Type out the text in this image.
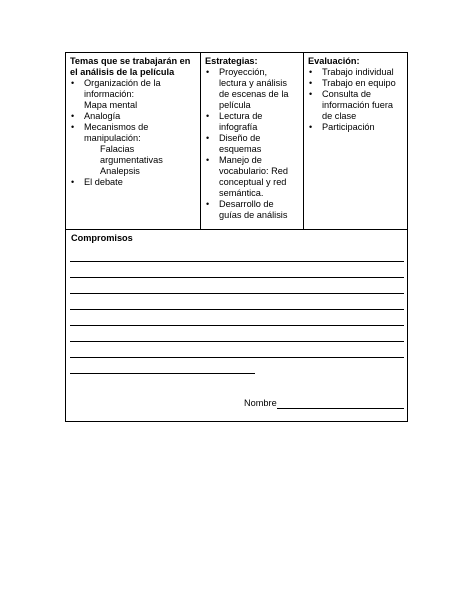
Temas que se trabajarán en
el análisis de la película
• Organización de la
información:
Mapa mental
• Analogía
• Mecanismos de
manipulación:
Falacias
argumentativas
Analepsis
• El debate
Estrategias:
• Proyección,
lectura y análisis
de escenas de la
película
• Lectura de
infografía
• Diseño de
esquemas
• Manejo de
vocabulario: Red
conceptual y red
semántica.
• Desarrollo de
guías de análisis
Evaluación:
• Trabajo individual
• Trabajo en equipo
• Consulta de
información fuera
de clase
• Participación
Compromisos
Nombre
